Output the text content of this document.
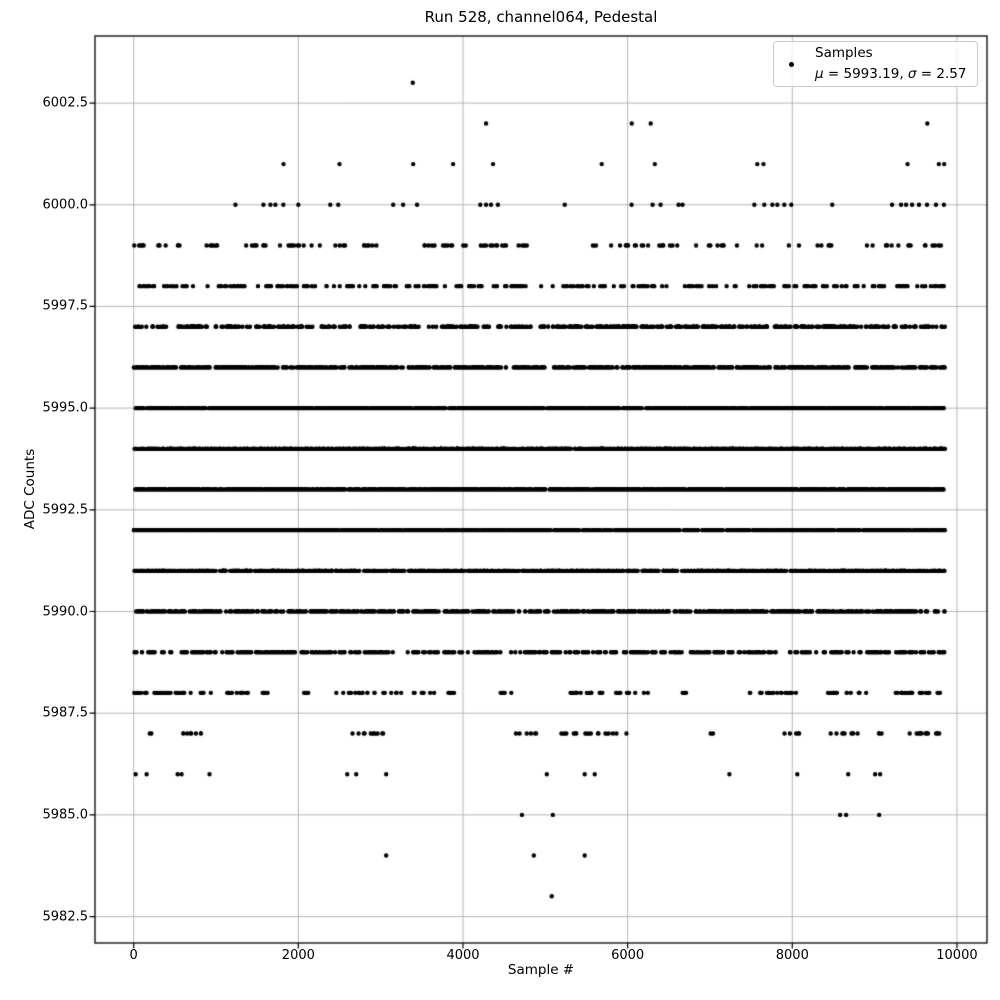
Run 528, channel064, Pedestal
Sample #
ADC Counts
0	2000	4000	6000	8000	10000
5982.5
5985.0
5987.5
5990.0
5992.5
5995.0
5997.5
6000.0
6002.5
Samples
μ = 5993.19, σ = 2.57
